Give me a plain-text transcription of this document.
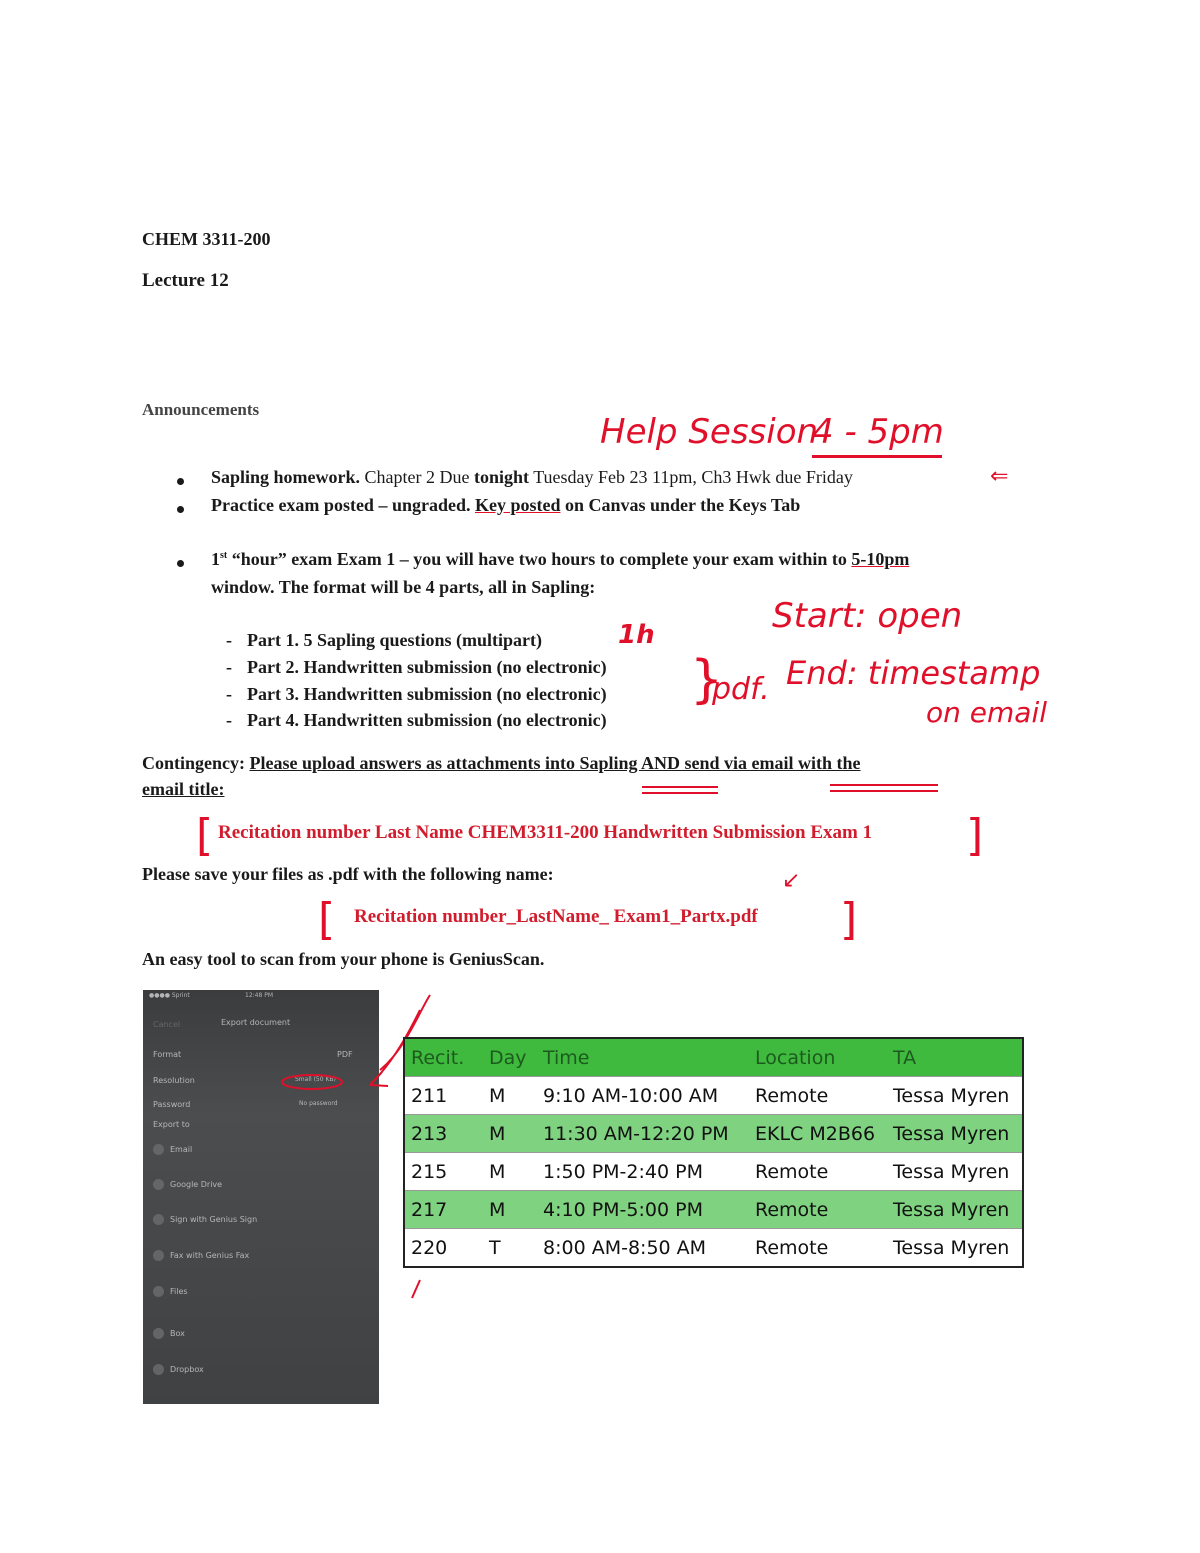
CHEM 3311-200
Lecture 12
Announcements
Help Session
4 - 5pm
Sapling homework. Chapter 2 Due tonight Tuesday Feb 23 11pm, Ch3 Hwk due Friday	⇐
Practice exam posted – ungraded. Key posted on Canvas under the Keys Tab
1st “hour” exam Exam 1 – you will have two hours to complete your exam within to 5-10pm
window. The format will be 4 parts, all in Sapling:
- Part 1. 5 Sapling questions (multipart)
- Part 2. Handwritten submission (no electronic)
- Part 3. Handwritten submission (no electronic)
- Part 4. Handwritten submission (no electronic)
1h
}
pdf.
Start: open
End: timestamp
on email
Contingency: Please upload answers as attachments into Sapling AND send via email with the
email title:
[ Recitation number Last Name CHEM3311-200 Handwritten Submission Exam 1 ]
Please save your files as .pdf with the following name:	↙
[ Recitation number_LastName_ Exam1_Partx.pdf ]
An easy tool to scan from your phone is GeniusScan.
●●●● Sprint	12:48 PM
Cancel	Export document
Format	PDF
Resolution	Small (50 KB)
Password	No password
Export to
Email
Google Drive
Sign with Genius Sign
Fax with Genius Fax
Files
Box
Dropbox
Recit.	Day	Time	Location	TA
211	M	9:10 AM-10:00 AM	Remote	Tessa Myren
213	M	11:30 AM-12:20 PM	EKLC M2B66	Tessa Myren
215	M	1:50 PM-2:40 PM	Remote	Tessa Myren
217	M	4:10 PM-5:00 PM	Remote	Tessa Myren
220	T	8:00 AM-8:50 AM	Remote	Tessa Myren
